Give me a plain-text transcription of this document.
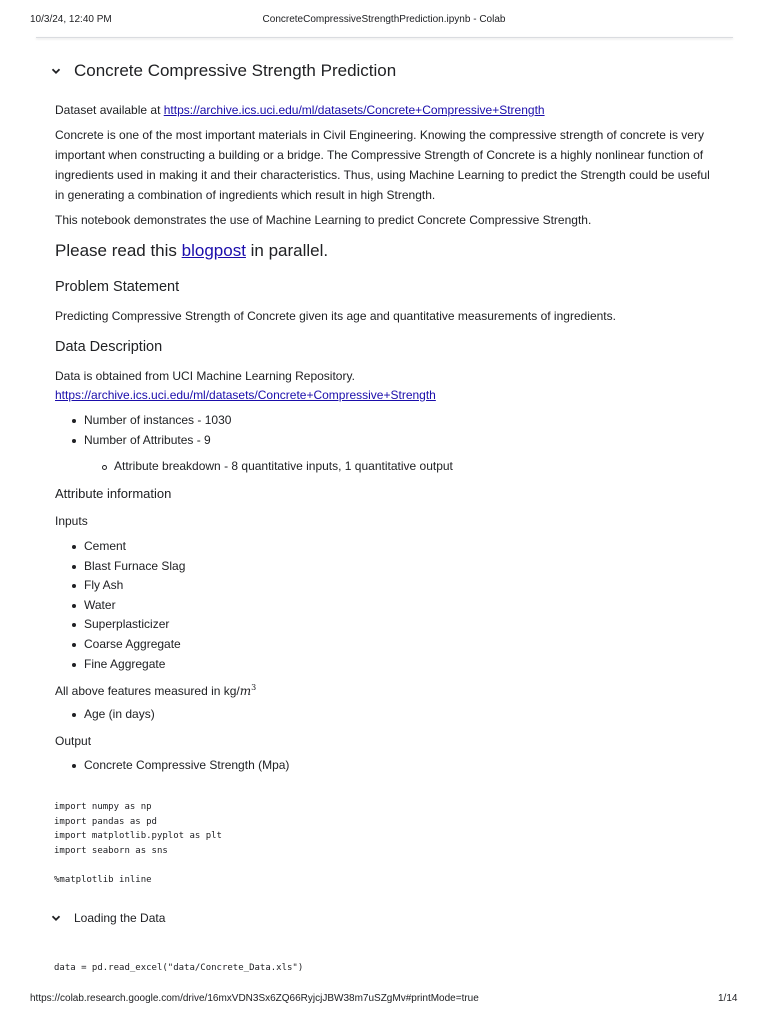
10/3/24, 12:40 PM	ConcreteCompressiveStrengthPrediction.ipynb - Colab
Concrete Compressive Strength Prediction
Dataset available at https://archive.ics.uci.edu/ml/datasets/Concrete+Compressive+Strength
Concrete is one of the most important materials in Civil Engineering. Knowing the compressive strength of concrete is very important when constructing a building or a bridge. The Compressive Strength of Concrete is a highly nonlinear function of ingredients used in making it and their characteristics. Thus, using Machine Learning to predict the Strength could be useful in generating a combination of ingredients which result in high Strength.
This notebook demonstrates the use of Machine Learning to predict Concrete Compressive Strength.
Please read this blogpost in parallel.
Problem Statement
Predicting Compressive Strength of Concrete given its age and quantitative measurements of ingredients.
Data Description
Data is obtained from UCI Machine Learning Repository.
https://archive.ics.uci.edu/ml/datasets/Concrete+Compressive+Strength
Number of instances - 1030
Number of Attributes - 9
Attribute breakdown - 8 quantitative inputs, 1 quantitative output
Attribute information
Inputs
Cement
Blast Furnace Slag
Fly Ash
Water
Superplasticizer
Coarse Aggregate
Fine Aggregate
All above features measured in $kg/m^3$
Age (in days)
Output
Concrete Compressive Strength (Mpa)
import numpy as np
import pandas as pd
import matplotlib.pyplot as plt
import seaborn as sns

%matplotlib inline
Loading the Data
data = pd.read_excel("data/Concrete_Data.xls")
https://colab.research.google.com/drive/16mxVDN3Sx6ZQ66RyjcjJBW38m7uSZgMv#printMode=true	1/14
